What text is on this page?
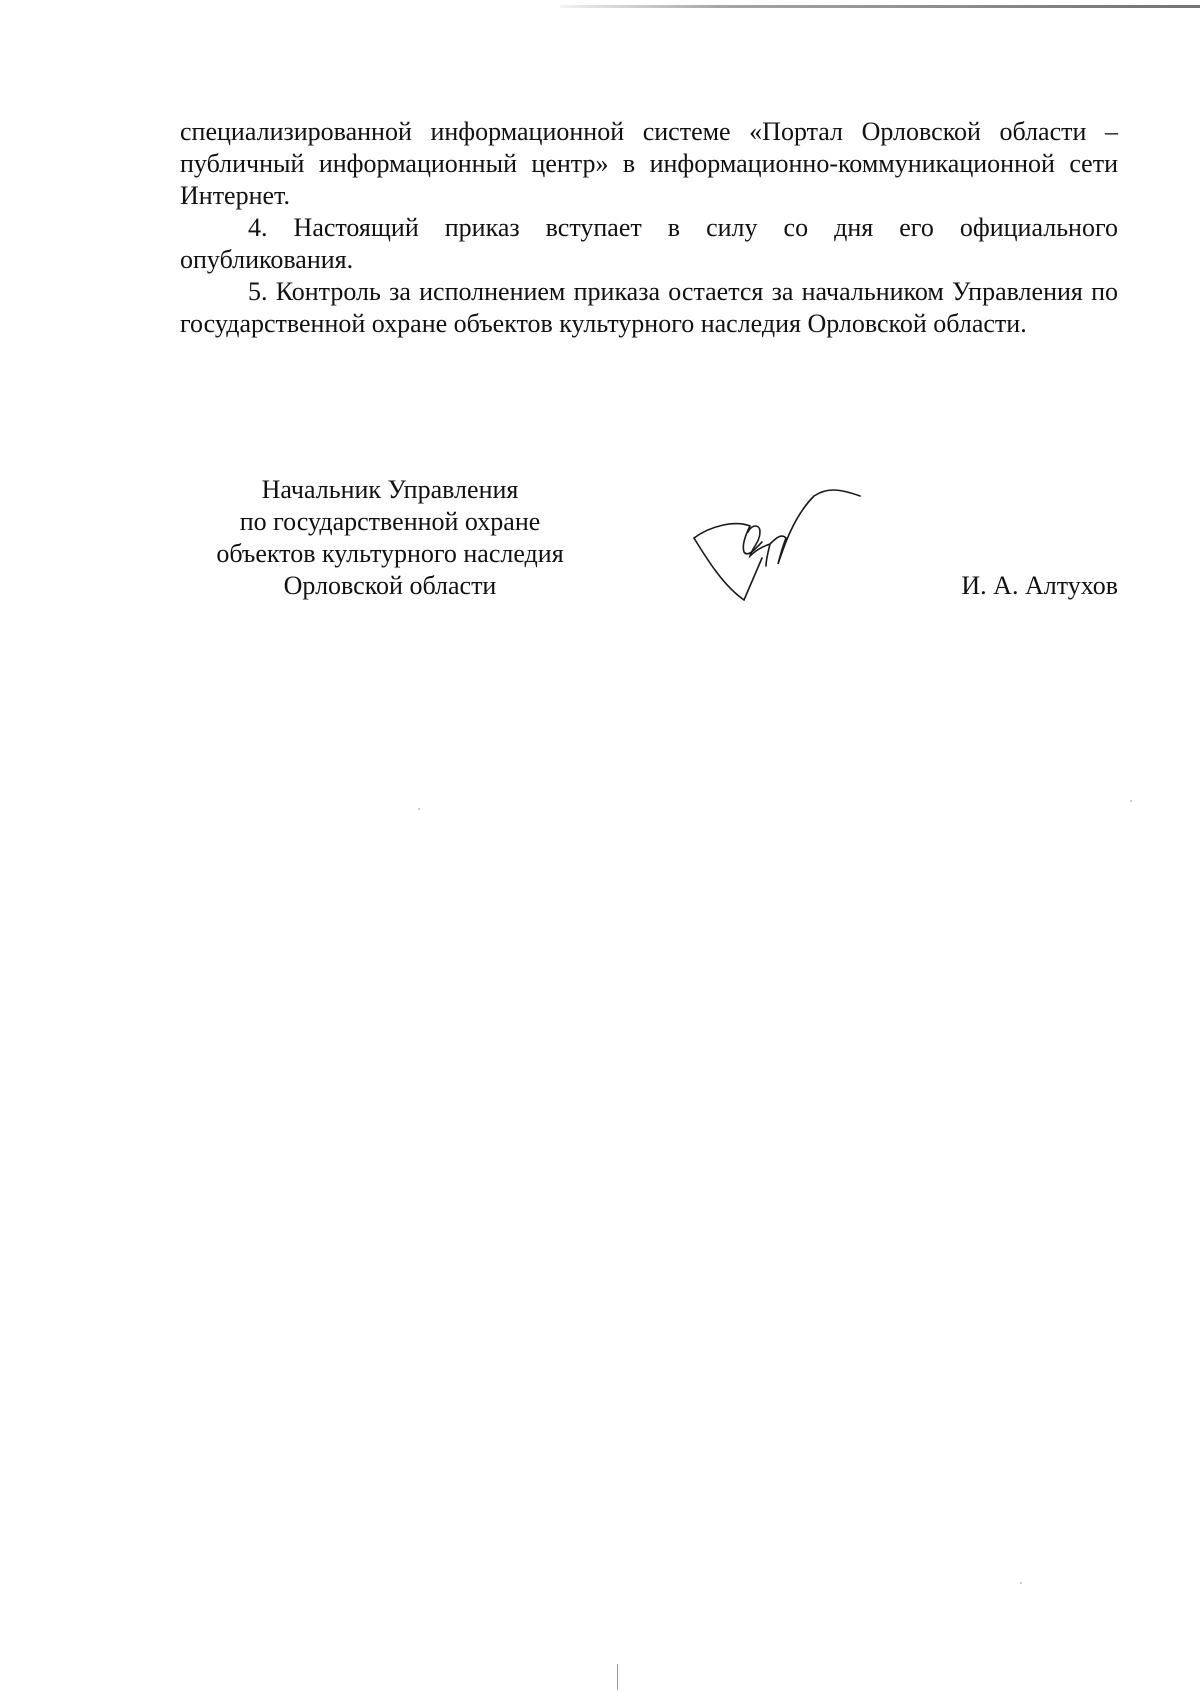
специализированной информационной системе «Портал Орловской области – публичный информационный центр» в информационно-коммуникационной сети Интернет.

4. Настоящий приказ вступает в силу со дня его официального опубликования.

5. Контроль за исполнением приказа остается за начальником Управления по государственной охране объектов культурного наследия Орловской области.

Начальник Управления
по государственной охране
объектов культурного наследия
Орловской области	И. А. Алтухов
